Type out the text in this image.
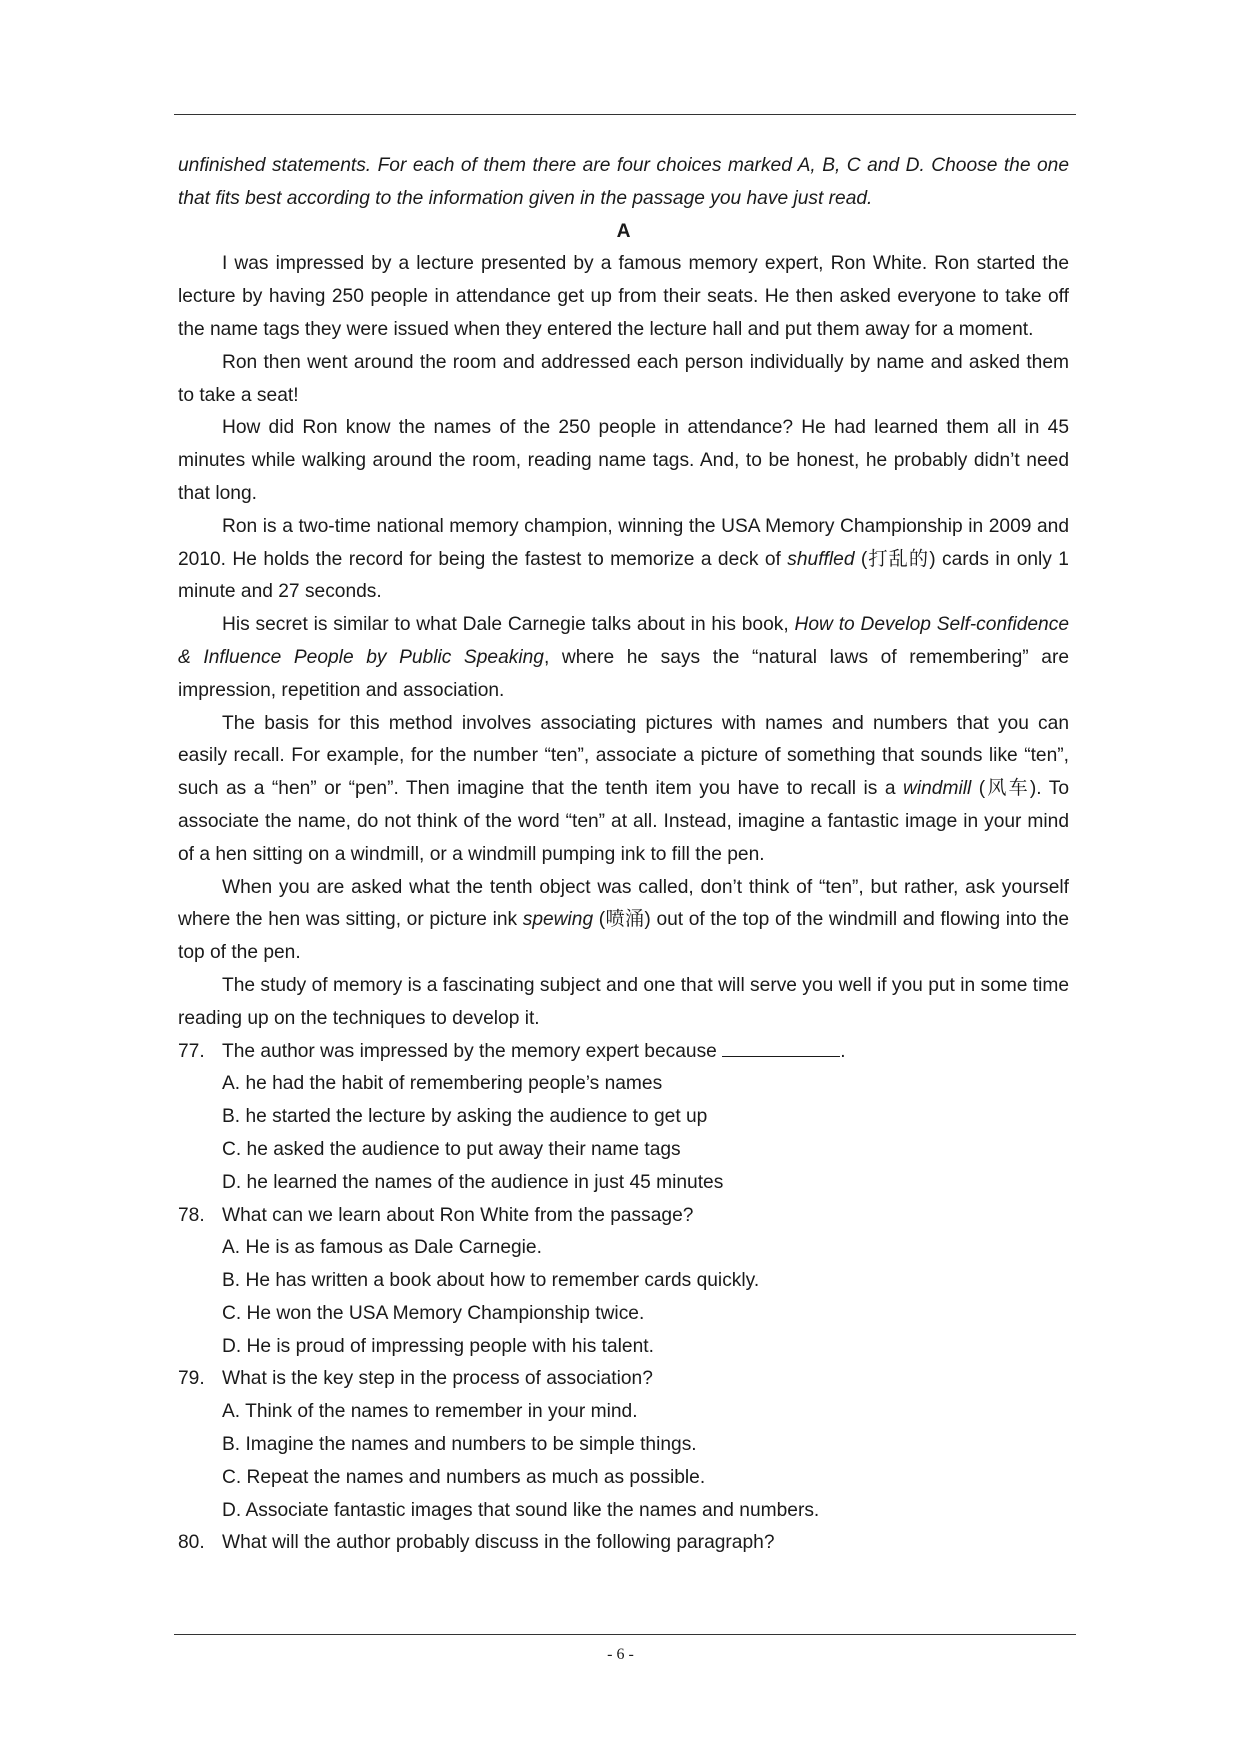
unfinished statements. For each of them there are four choices marked A, B, C and D. Choose the one that fits best according to the information given in the passage you have just read.

A

I was impressed by a lecture presented by a famous memory expert, Ron White. Ron started the lecture by having 250 people in attendance get up from their seats. He then asked everyone to take off the name tags they were issued when they entered the lecture hall and put them away for a moment.

Ron then went around the room and addressed each person individually by name and asked them to take a seat!

How did Ron know the names of the 250 people in attendance? He had learned them all in 45 minutes while walking around the room, reading name tags. And, to be honest, he probably didn’t need that long.

Ron is a two-time national memory champion, winning the USA Memory Championship in 2009 and 2010. He holds the record for being the fastest to memorize a deck of shuffled (打乱的) cards in only 1 minute and 27 seconds.

His secret is similar to what Dale Carnegie talks about in his book, How to Develop Self-confidence & Influence People by Public Speaking, where he says the “natural laws of remembering” are impression, repetition and association.

The basis for this method involves associating pictures with names and numbers that you can easily recall. For example, for the number “ten”, associate a picture of something that sounds like “ten”, such as a “hen” or “pen”. Then imagine that the tenth item you have to recall is a windmill (风车). To associate the name, do not think of the word “ten” at all. Instead, imagine a fantastic image in your mind of a hen sitting on a windmill, or a windmill pumping ink to fill the pen.

When you are asked what the tenth object was called, don’t think of “ten”, but rather, ask yourself where the hen was sitting, or picture ink spewing (喷涌) out of the top of the windmill and flowing into the top of the pen.

The study of memory is a fascinating subject and one that will serve you well if you put in some time reading up on the techniques to develop it.

77. The author was impressed by the memory expert because	.

A. he had the habit of remembering people’s names

B. he started the lecture by asking the audience to get up

C. he asked the audience to put away their name tags

D. he learned the names of the audience in just 45 minutes

78. What can we learn about Ron White from the passage?

A. He is as famous as Dale Carnegie.

B. He has written a book about how to remember cards quickly.

C. He won the USA Memory Championship twice.

D. He is proud of impressing people with his talent.

79. What is the key step in the process of association?

A. Think of the names to remember in your mind.

B. Imagine the names and numbers to be simple things.

C. Repeat the names and numbers as much as possible.

D. Associate fantastic images that sound like the names and numbers.

80. What will the author probably discuss in the following paragraph?

- 6 -
